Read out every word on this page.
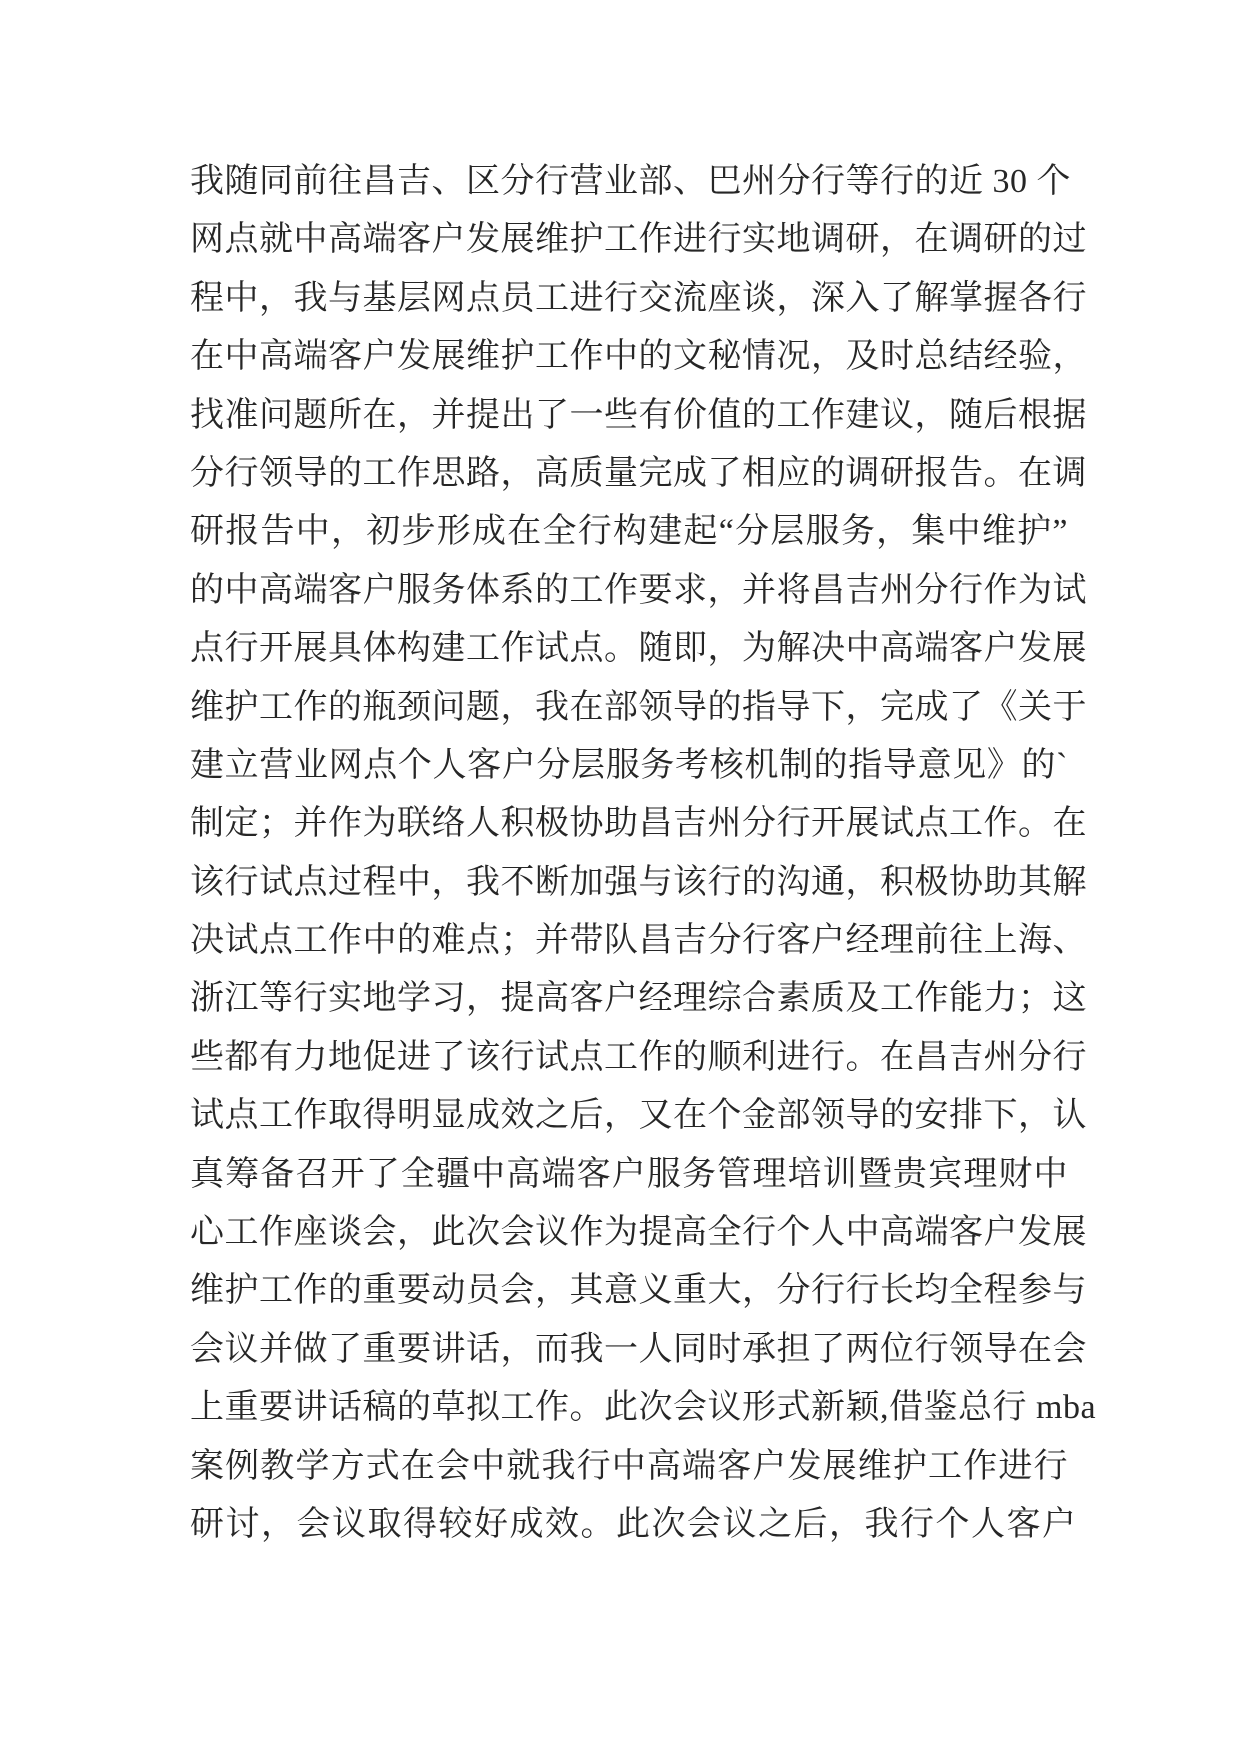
我随同前往昌吉、区分行营业部、巴州分行等行的近 30 个
网点就中高端客户发展维护工作进行实地调研，在调研的过
程中，我与基层网点员工进行交流座谈，深入了解掌握各行
在中高端客户发展维护工作中的文秘情况，及时总结经验，
找准问题所在，并提出了一些有价值的工作建议，随后根据
分行领导的工作思路，高质量完成了相应的调研报告。在调
研报告中，初步形成在全行构建起“分层服务，集中维护”
的中高端客户服务体系的工作要求，并将昌吉州分行作为试
点行开展具体构建工作试点。随即，为解决中高端客户发展
维护工作的瓶颈问题，我在部领导的指导下，完成了《关于
建立营业网点个人客户分层服务考核机制的指导意见》的`
制定；并作为联络人积极协助昌吉州分行开展试点工作。在
该行试点过程中，我不断加强与该行的沟通，积极协助其解
决试点工作中的难点；并带队昌吉分行客户经理前往上海、
浙江等行实地学习，提高客户经理综合素质及工作能力；这
些都有力地促进了该行试点工作的顺利进行。在昌吉州分行
试点工作取得明显成效之后，又在个金部领导的安排下，认
真筹备召开了全疆中高端客户服务管理培训暨贵宾理财中
心工作座谈会，此次会议作为提高全行个人中高端客户发展
维护工作的重要动员会，其意义重大，分行行长均全程参与
会议并做了重要讲话，而我一人同时承担了两位行领导在会
上重要讲话稿的草拟工作。此次会议形式新颖,借鉴总行 mba
案例教学方式在会中就我行中高端客户发展维护工作进行
研讨，会议取得较好成效。此次会议之后，我行个人客户
